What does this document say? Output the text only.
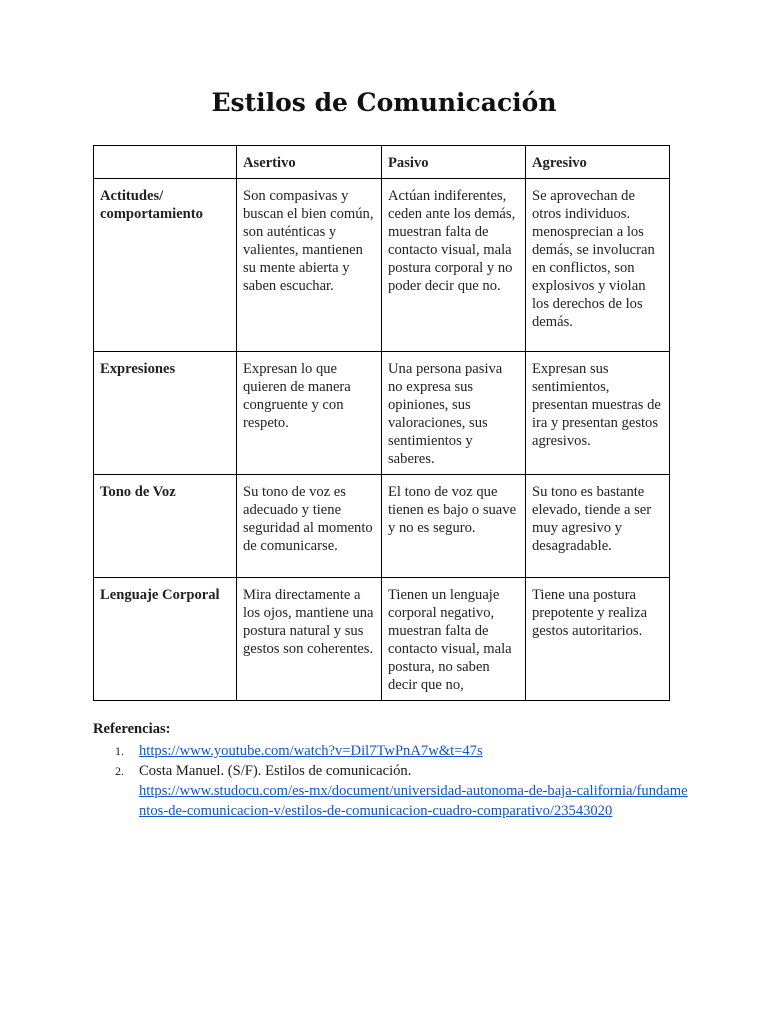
Estilos de Comunicación
	Asertivo	Pasivo	Agresivo
Actitudes/ comportamiento	Son compasivas y buscan el bien común, son auténticas y valientes, mantienen su mente abierta y saben escuchar.	Actúan indiferentes, ceden ante los demás, muestran falta de contacto visual, mala postura corporal y no poder decir que no.	Se aprovechan de otros individuos. menosprecian a los demás, se involucran en conflictos, son explosivos y violan los derechos de los demás.
Expresiones	Expresan lo que quieren de manera congruente y con respeto.	Una persona pasiva no expresa sus opiniones, sus valoraciones, sus sentimientos y saberes.	Expresan sus sentimientos, presentan muestras de ira y presentan gestos agresivos.
Tono de Voz	Su tono de voz es adecuado y tiene seguridad al momento de comunicarse.	El tono de voz que tienen es bajo o suave y no es seguro.	Su tono es bastante elevado, tiende a ser muy agresivo y desagradable.
Lenguaje Corporal	Mira directamente a los ojos, mantiene una postura natural y sus gestos son coherentes.	Tienen un lenguaje corporal negativo, muestran falta de contacto visual, mala postura, no saben decir que no,	Tiene una postura prepotente y realiza gestos autoritarios.
Referencias:
1. https://www.youtube.com/watch?v=Dil7TwPnA7w&t=47s
2. Costa Manuel. (S/F). Estilos de comunicación.
https://www.studocu.com/es-mx/document/universidad-autonoma-de-baja-california/fundamentos-de-comunicacion-v/estilos-de-comunicacion-cuadro-comparativo/23543020
